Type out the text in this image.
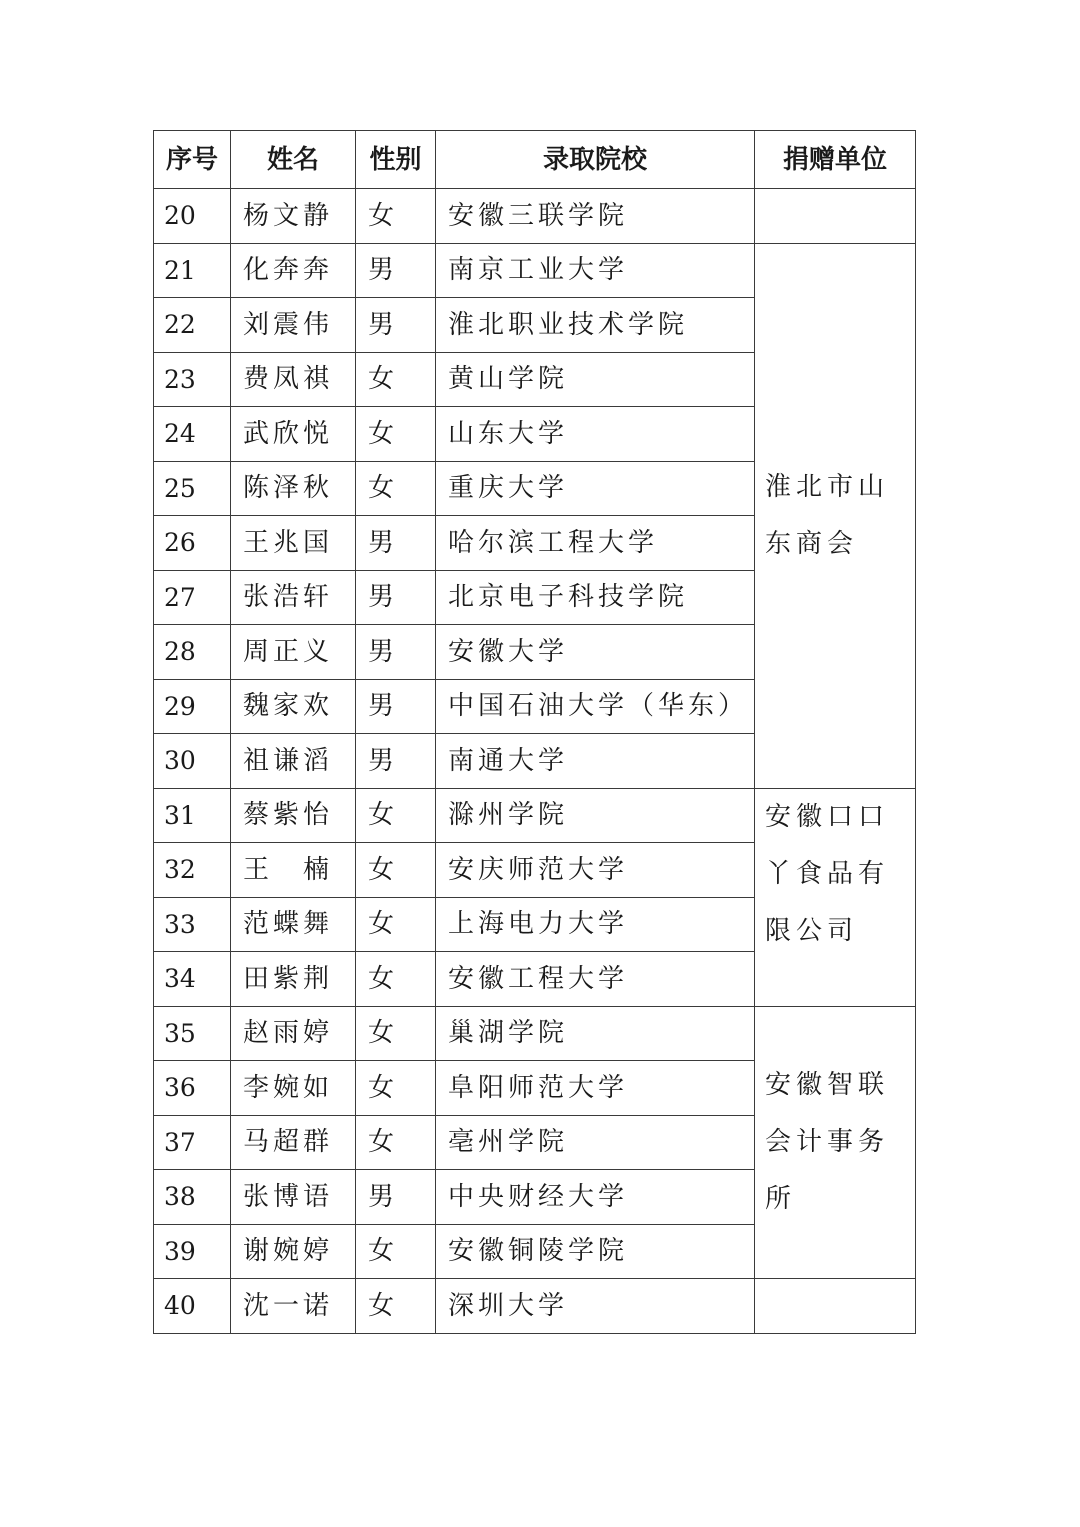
序号	姓名	性别	录取院校	捐赠单位
20	杨文静	女	安徽三联学院	
21	化奔奔	男	南京工业大学	淮北市山东商会
22	刘震伟	男	淮北职业技术学院	
23	费凤祺	女	黄山学院	
24	武欣悦	女	山东大学	
25	陈泽秋	女	重庆大学	
26	王兆国	男	哈尔滨工程大学	
27	张浩轩	男	北京电子科技学院	
28	周正义	男	安徽大学	
29	魏家欢	男	中国石油大学（华东）	
30	祖谦滔	男	南通大学	
31	蔡紫怡	女	滁州学院	安徽口口丫食品有限公司
32	王　楠	女	安庆师范大学	
33	范蝶舞	女	上海电力大学	
34	田紫荆	女	安徽工程大学	
35	赵雨婷	女	巢湖学院	安徽智联会计事务所
36	李婉如	女	阜阳师范大学	
37	马超群	女	亳州学院	
38	张博语	男	中央财经大学	
39	谢婉婷	女	安徽铜陵学院	
40	沈一诺	女	深圳大学	
